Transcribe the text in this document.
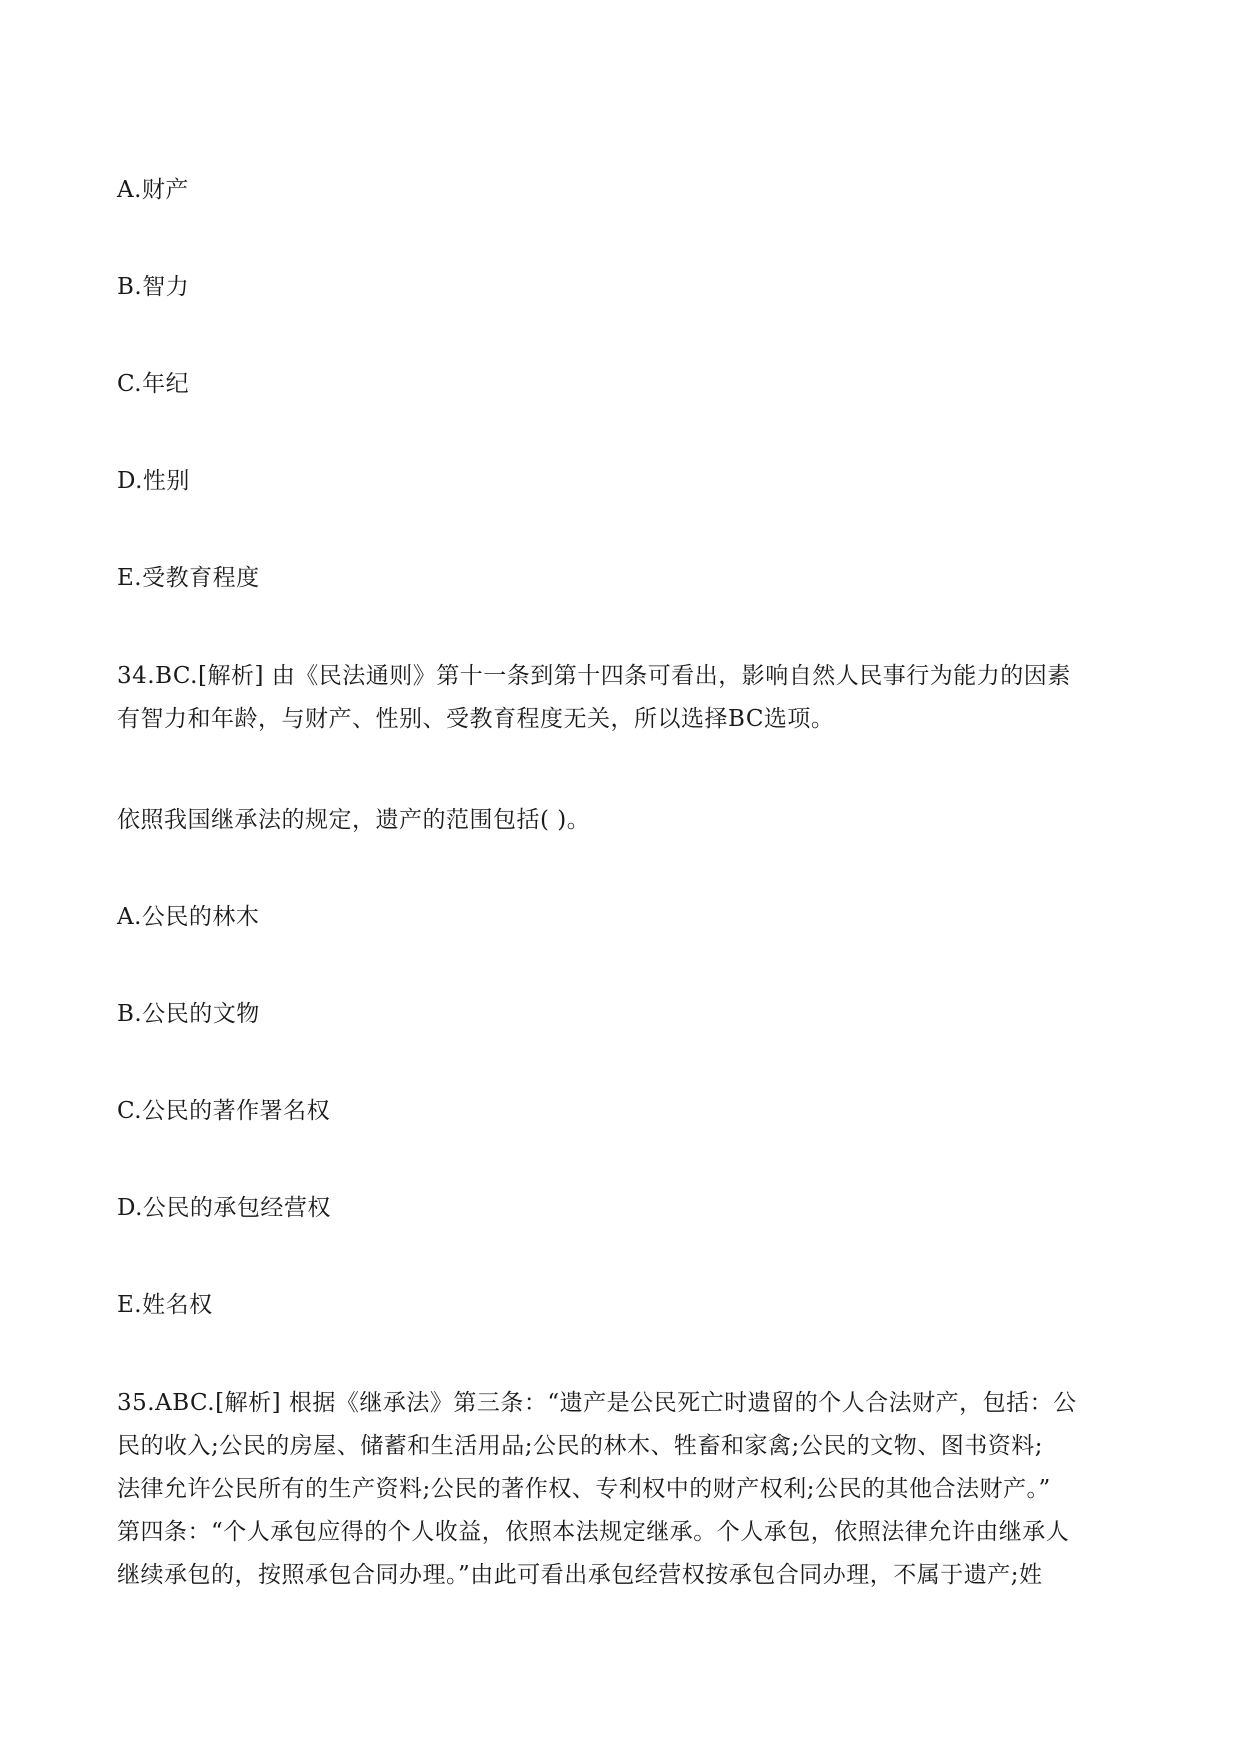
A.财产
B.智力
C.年纪
D.性别
E.受教育程度
34.BC.[解析] 由《民法通则》第十一条到第十四条可看出，影响自然人民事行为能力的因素
有智力和年龄，与财产、性别、受教育程度无关，所以选择BC选项。
依照我国继承法的规定，遗产的范围包括( )。
A.公民的林木
B.公民的文物
C.公民的著作署名权
D.公民的承包经营权
E.姓名权
35.ABC.[解析] 根据《继承法》第三条：“遗产是公民死亡时遗留的个人合法财产，包括：公
民的收入;公民的房屋、储蓄和生活用品;公民的林木、牲畜和家禽;公民的文物、图书资料;
法律允许公民所有的生产资料;公民的著作权、专利权中的财产权利;公民的其他合法财产。”
第四条：“个人承包应得的个人收益，依照本法规定继承。个人承包，依照法律允许由继承人
继续承包的，按照承包合同办理。”由此可看出承包经营权按承包合同办理，不属于遗产;姓
